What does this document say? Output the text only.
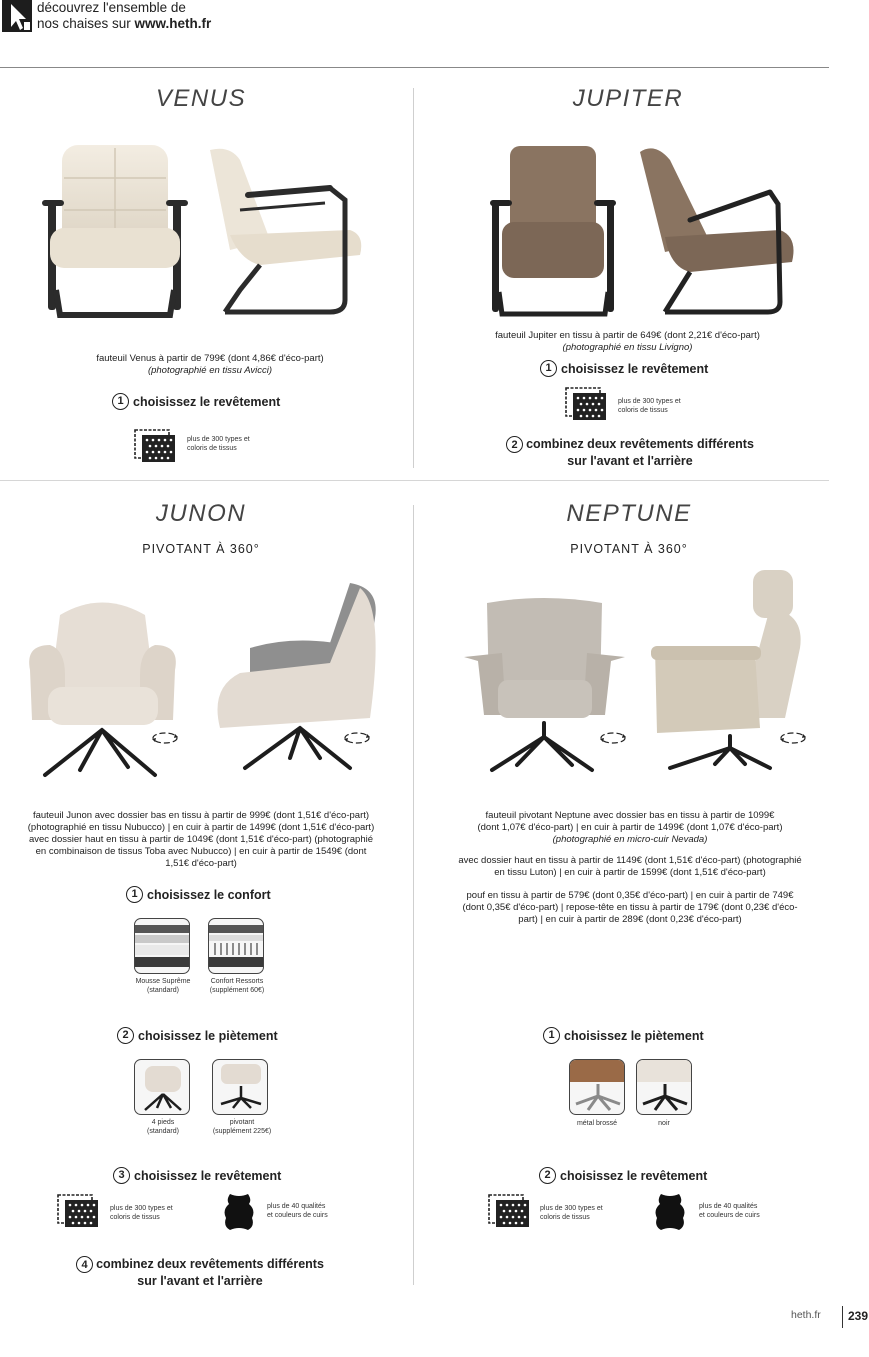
découvrez l'ensemble de
nos chaises sur www.heth.fr
VENUS
fauteuil Venus à partir de 799€ (dont 4,86€ d'éco-part)
(photographié en tissu Avicci)
1 choisissez le revêtement
plus de 300 types et
coloris de tissus
JUPITER
fauteuil Jupiter en tissu à partir de 649€ (dont 2,21€ d'éco-part)
(photographié en tissu Livigno)
1 choisissez le revêtement
plus de 300 types et
coloris de tissus
2 combinez deux revêtements différents
sur l'avant et l'arrière
JUNON
PIVOTANT À 360°
fauteuil Junon avec dossier bas en tissu à partir de 999€ (dont 1,51€ d'éco-part)
(photographié en tissu Nubucco) | en cuir à partir de 1499€ (dont 1,51€ d'éco-part)
avec dossier haut en tissu à partir de 1049€ (dont 1,51€ d'éco-part) (photographié
en combinaison de tissus Toba avec Nubucco) | en cuir à partir de 1549€ (dont
1,51€ d'éco-part)
1 choisissez le confort
Mousse Suprême
(standard)
Confort Ressorts
(supplément 60€)
2 choisissez le piètement
4 pieds
(standard)
pivotant
(supplément 225€)
3 choisissez le revêtement
plus de 300 types et
coloris de tissus
plus de 40 qualités
et couleurs de cuirs
4 combinez deux revêtements différents
sur l'avant et l'arrière
NEPTUNE
PIVOTANT À 360°
fauteuil pivotant Neptune avec dossier bas en tissu à partir de 1099€
(dont 1,07€ d'éco-part) | en cuir à partir de 1499€ (dont 1,07€ d'éco-part)
(photographié en micro-cuir Nevada)
avec dossier haut en tissu à partir de 1149€ (dont 1,51€ d'éco-part) (photographié
en tissu Luton) | en cuir à partir de 1599€ (dont 1,51€ d'éco-part)
pouf en tissu à partir de 579€ (dont 0,35€ d'éco-part) | en cuir à partir de 749€
(dont 0,35€ d'éco-part) | repose-tête en tissu à partir de 179€ (dont 0,23€ d'éco-
part) | en cuir à partir de 289€ (dont 0,23€ d'éco-part)
1 choisissez le piètement
métal brossé	noir
2 choisissez le revêtement
plus de 300 types et
coloris de tissus
plus de 40 qualités
et couleurs de cuirs
heth.fr 239
